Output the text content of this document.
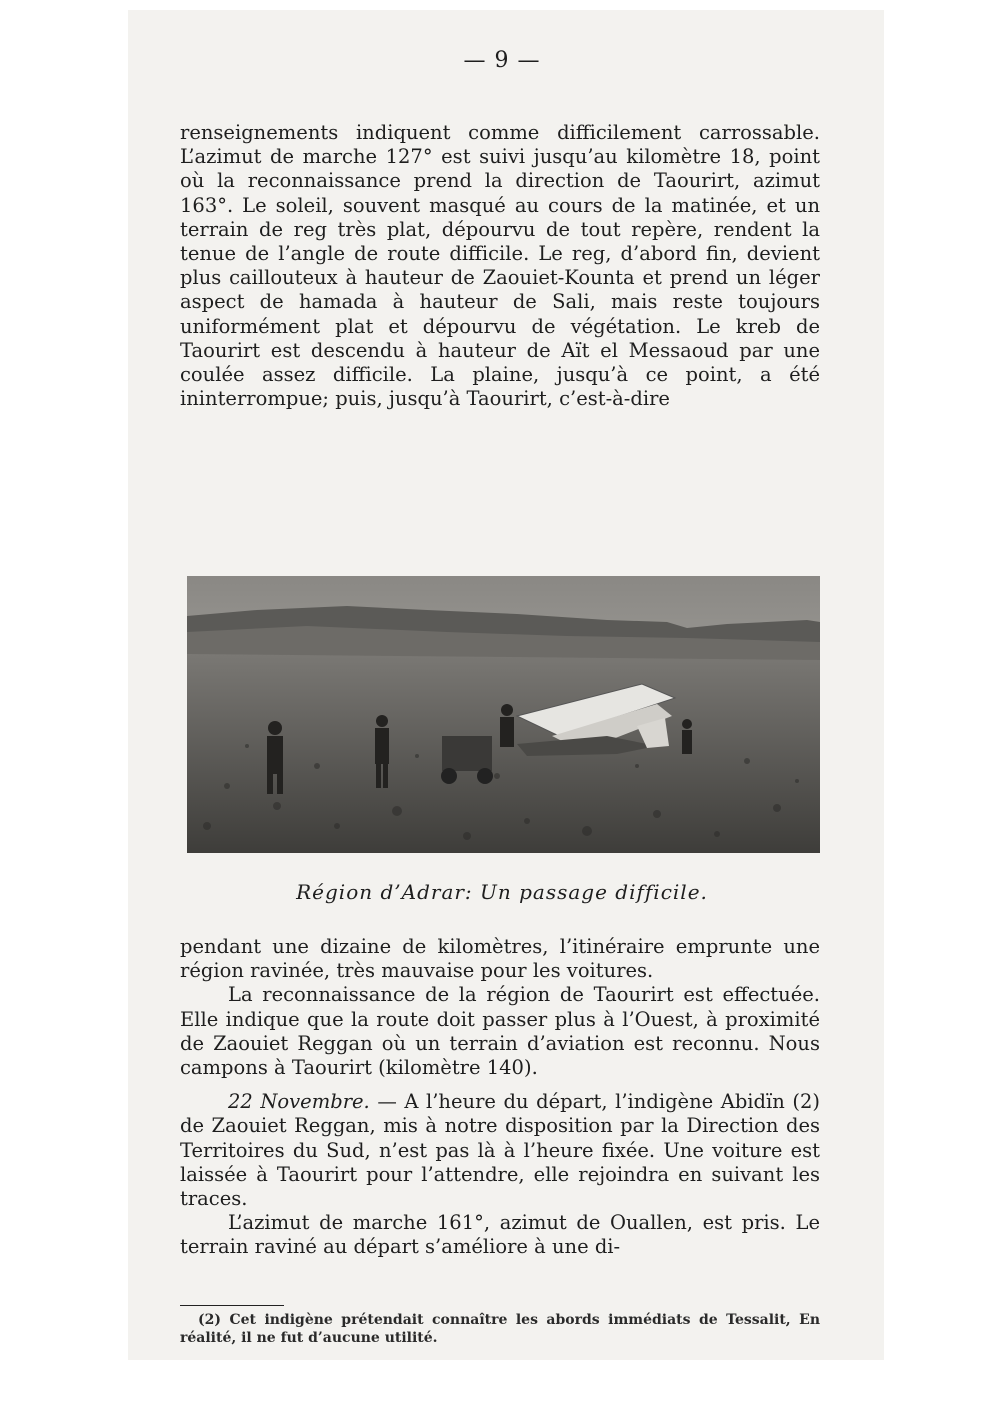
— 9 —

renseignements indiquent comme difficilement carrossable. L’azimut de marche 127° est suivi jusqu’au kilomètre 18, point où la reconnaissance prend la direction de Taourirt, azimut 163°. Le soleil, souvent masqué au cours de la matinée, et un terrain de reg très plat, dépourvu de tout repère, rendent la tenue de l’angle de route difficile. Le reg, d’abord fin, devient plus caillouteux à hauteur de Zaouiet-Kounta et prend un léger aspect de hamada à hauteur de Sali, mais reste toujours uniformément plat et dépourvu de végétation. Le kreb de Taourirt est descendu à hauteur de Aït el Messaoud par une coulée assez difficile. La plaine, jusqu’à ce point, a été ininterrompue; puis, jusqu’à Taourirt, c’est-à-dire

Région d’Adrar: Un passage difficile.

pendant une dizaine de kilomètres, l’itinéraire emprunte une région ravinée, très mauvaise pour les voitures.

La reconnaissance de la région de Taourirt est effectuée. Elle indique que la route doit passer plus à l’Ouest, à proximité de Zaouiet Reggan où un terrain d’aviation est reconnu. Nous campons à Taourirt (kilomètre 140).

22 Novembre. — A l’heure du départ, l’indigène Abidïn (2) de Zaouiet Reggan, mis à notre disposition par la Direction des Territoires du Sud, n’est pas là à l’heure fixée. Une voiture est laissée à Taourirt pour l’attendre, elle rejoindra en suivant les traces.

L’azimut de marche 161°, azimut de Ouallen, est pris. Le terrain raviné au départ s’améliore à une di-

(2) Cet indigène prétendait connaître les abords immédiats de Tessalit, En réalité, il ne fut d’aucune utilité.
